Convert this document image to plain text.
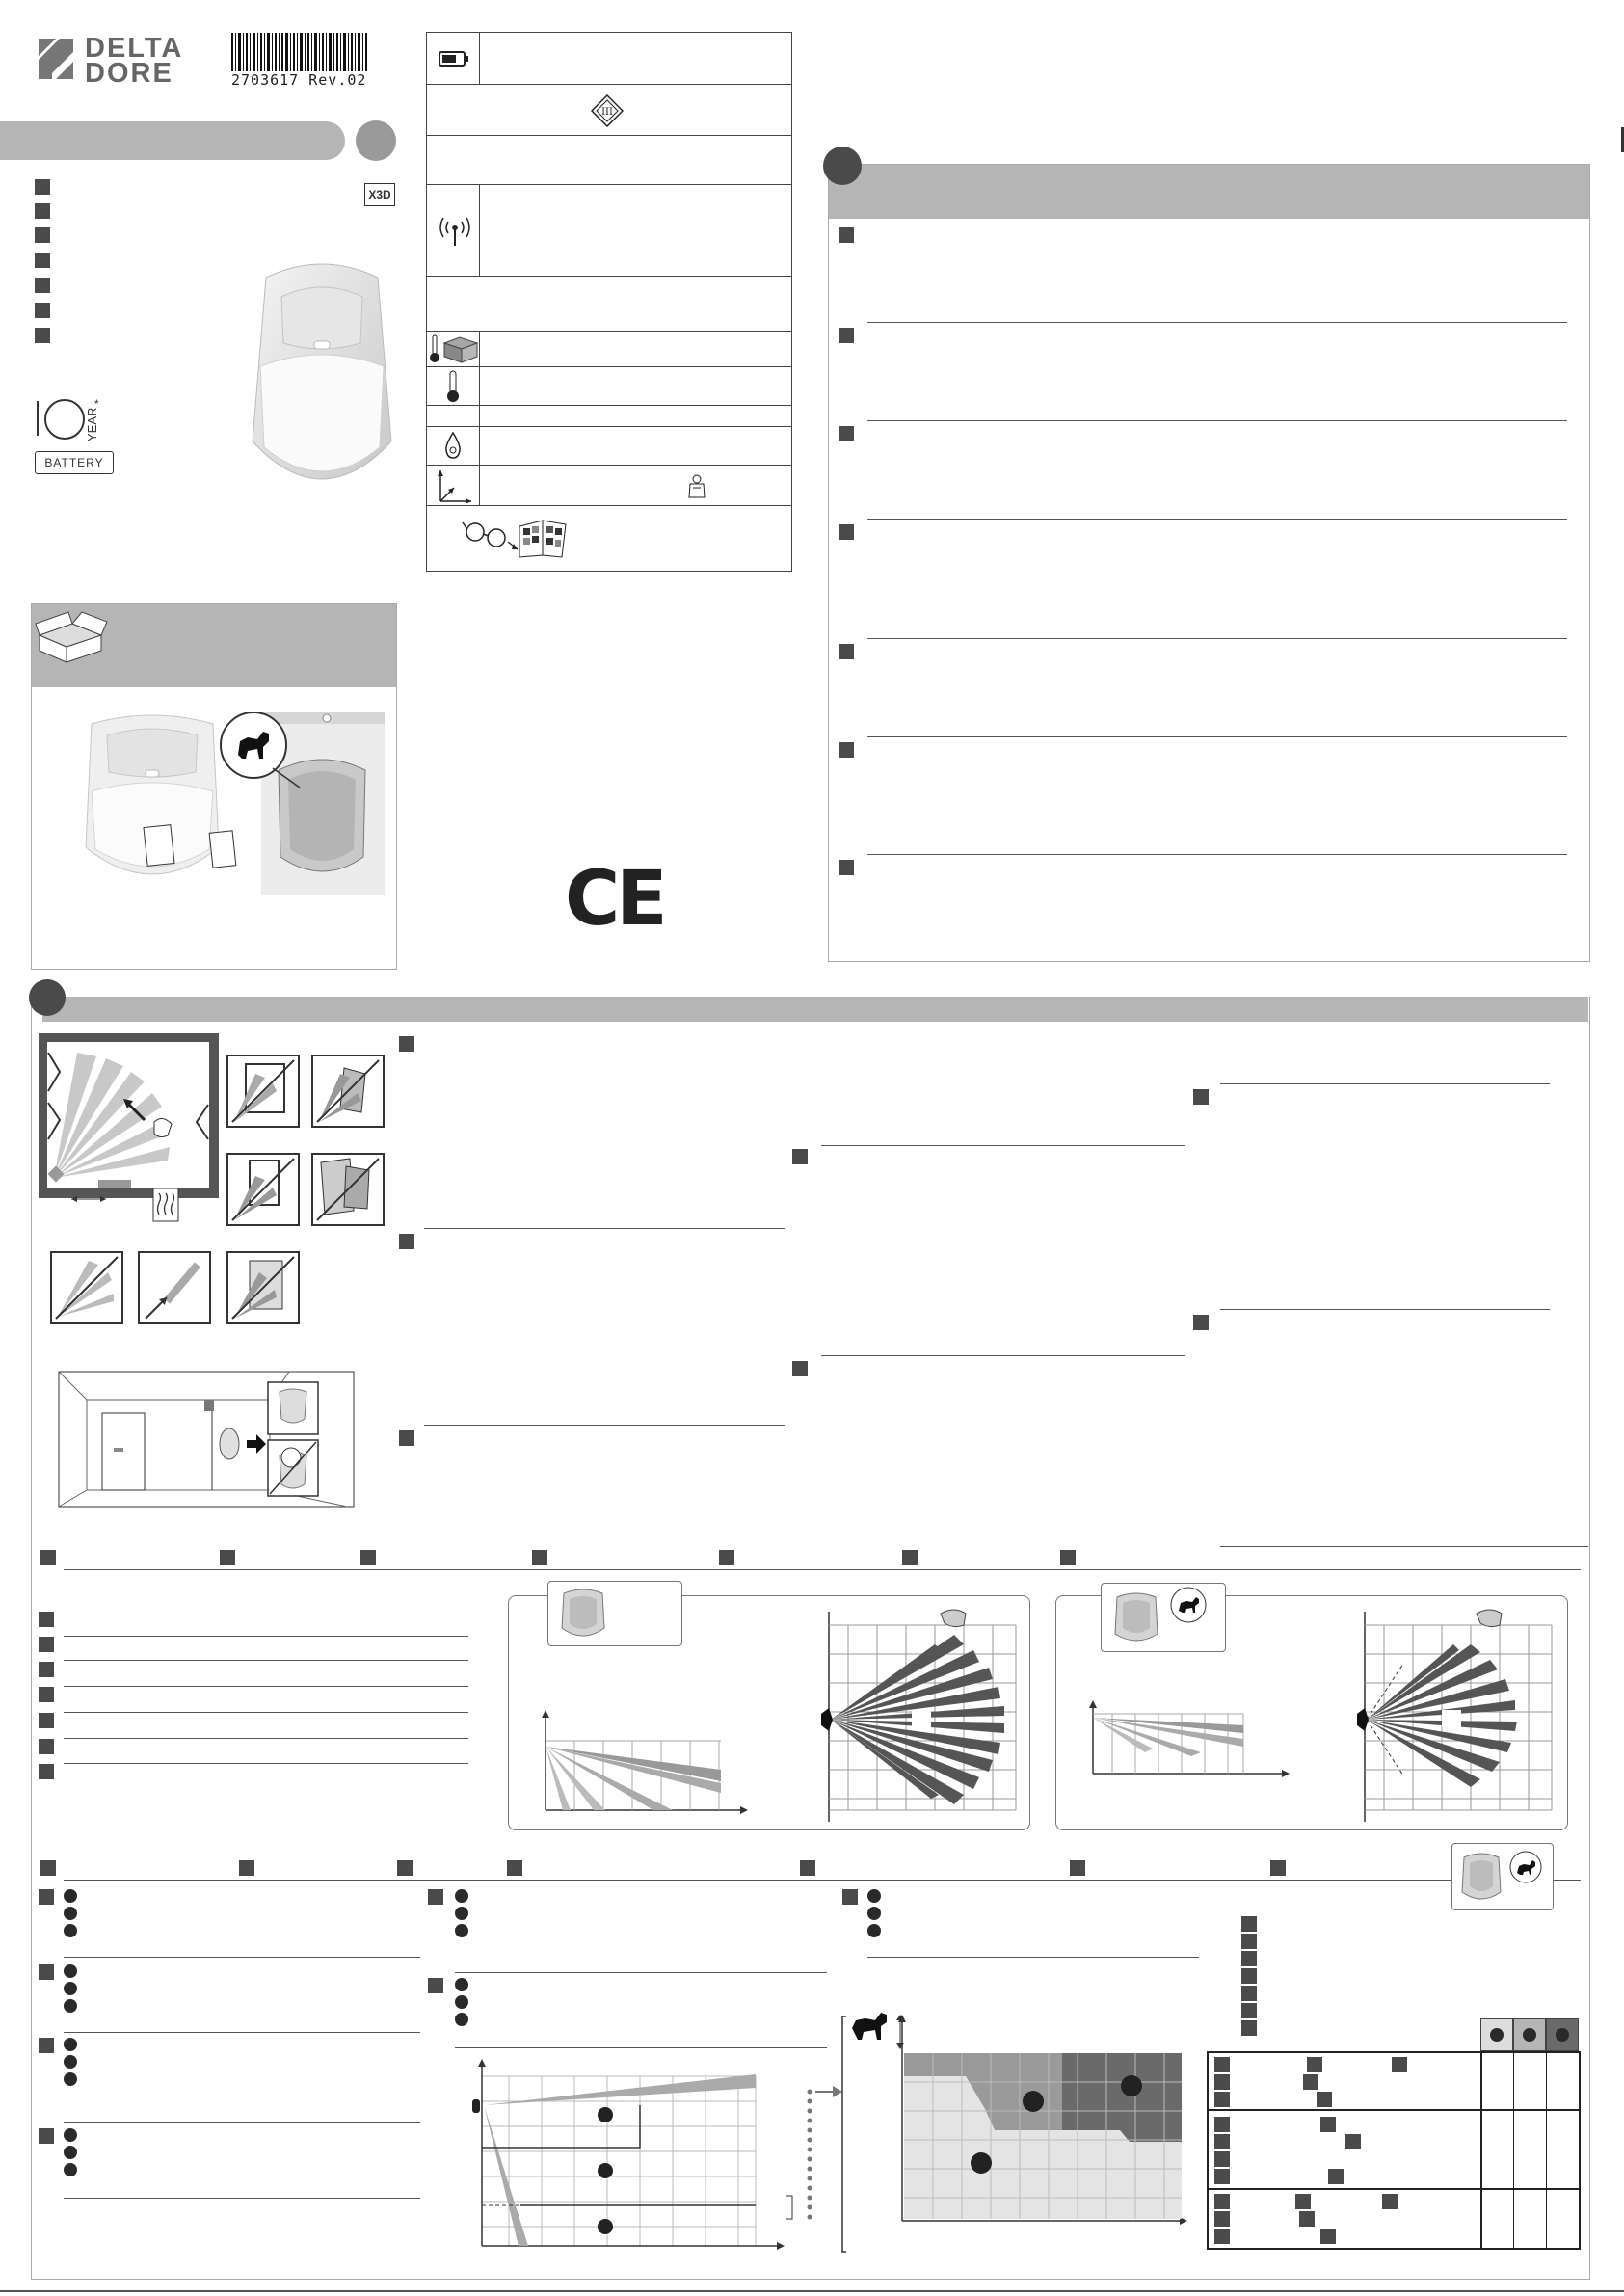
DELTA
DORE	2703617 Rev.02
X3D
YEAR
*
BATTERY
III
CE
